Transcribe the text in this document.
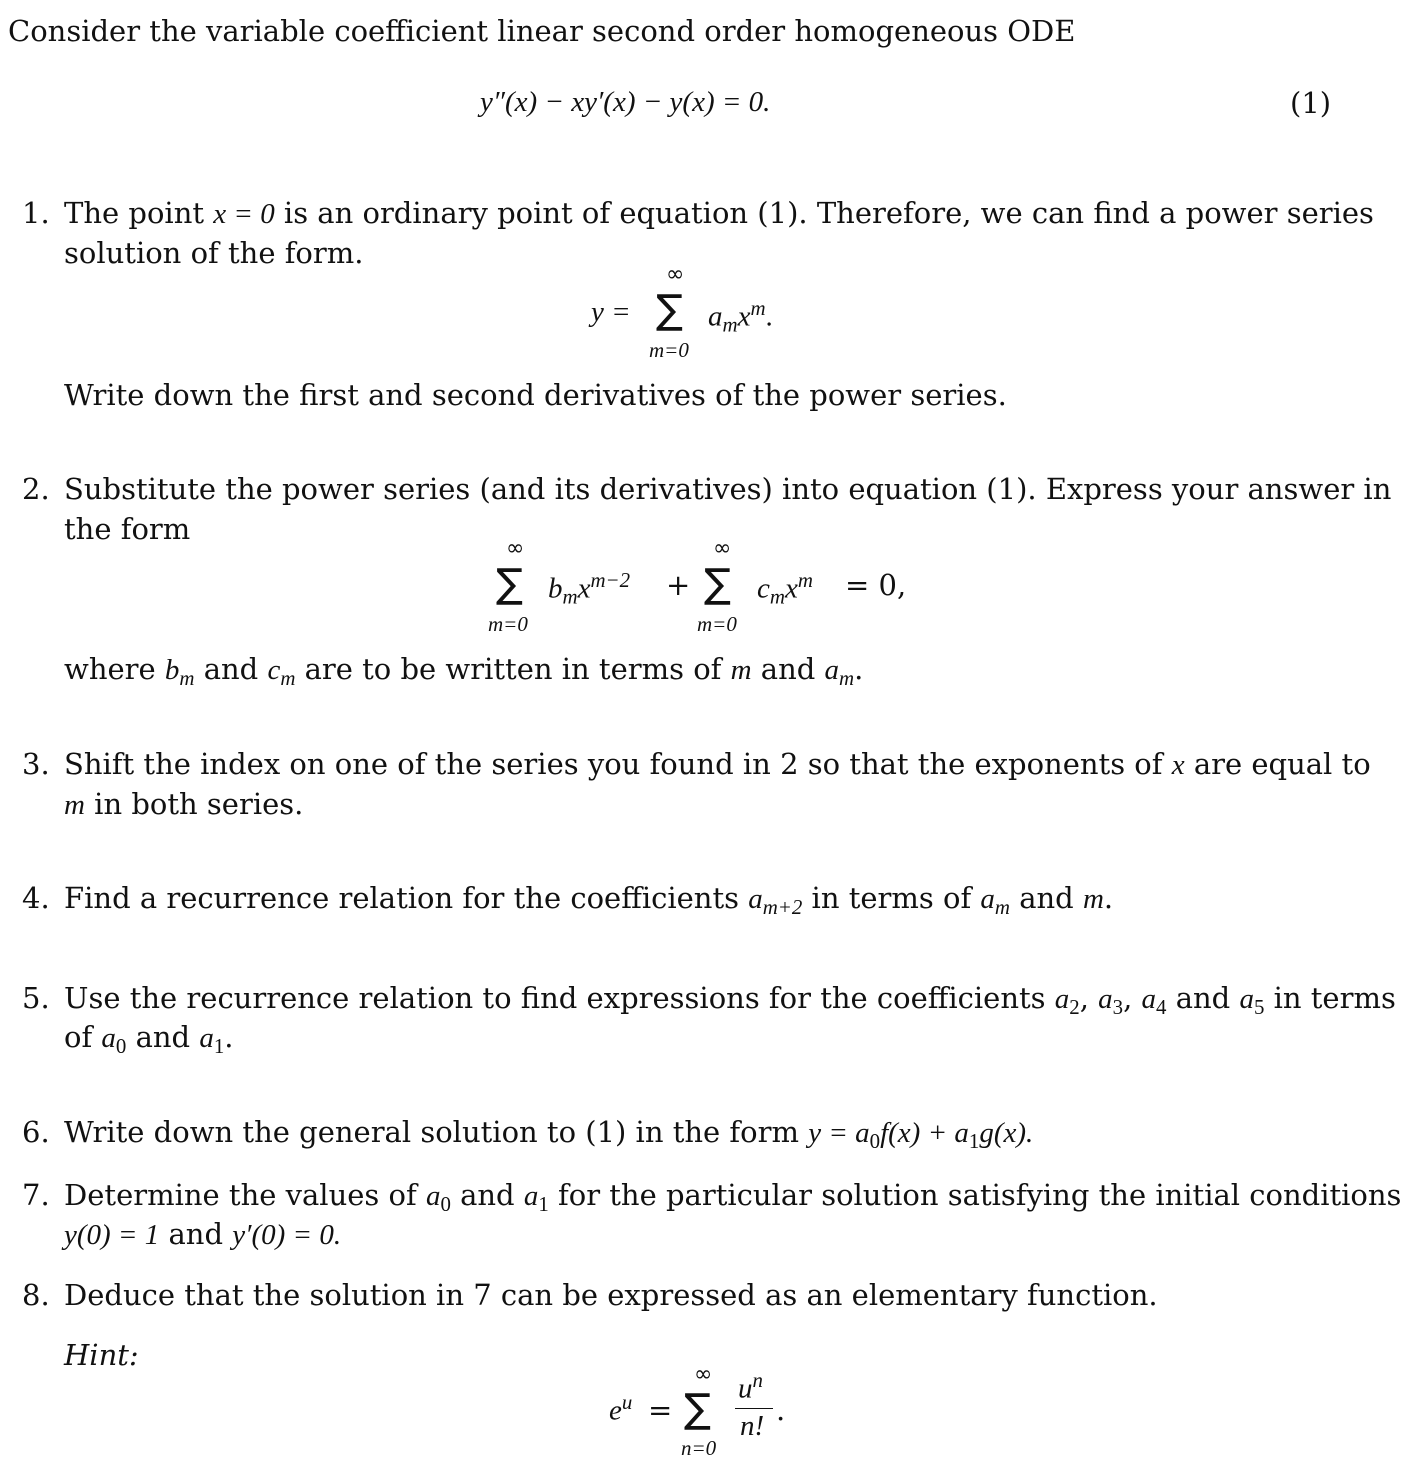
Consider the variable coefficient linear second order homogeneous ODE
y″(x) − xy′(x) − y(x) = 0.	(1)
1. The point x = 0 is an ordinary point of equation (1). Therefore, we can find a power series
solution of the form.
y =
∞
∑
m=0
$a_mx^m$.
Write down the first and second derivatives of the power series.
2. Substitute the power series (and its derivatives) into equation (1). Express your answer in
the form
∞
∑
m=0
$b_mx^{m-2}$ +
∞
∑
m=0
$c_mx^m = 0$,
where $b_m$ and $c_m$ are to be written in terms of m and $a_m$.
3. Shift the index on one of the series you found in 2 so that the exponents of x are equal to
m in both series.
4. Find a recurrence relation for the coefficients $a_{m+2}$ in terms of $a_m$ and m.
5. Use the recurrence relation to find expressions for the coefficients $a_2$, $a_3$, $a_4$ and $a_5$ in terms
of $a_0$ and $a_1$.
6. Write down the general solution to (1) in the form $y = a_0f(x) + a_1g(x)$.
7. Determine the values of $a_0$ and $a_1$ for the particular solution satisfying the initial conditions
y(0) = 1 and y′(0) = 0.
8. Deduce that the solution in 7 can be expressed as an elementary function.
Hint:
$e^u$ =
∞
∑
n=0
$u^n$
n! .
